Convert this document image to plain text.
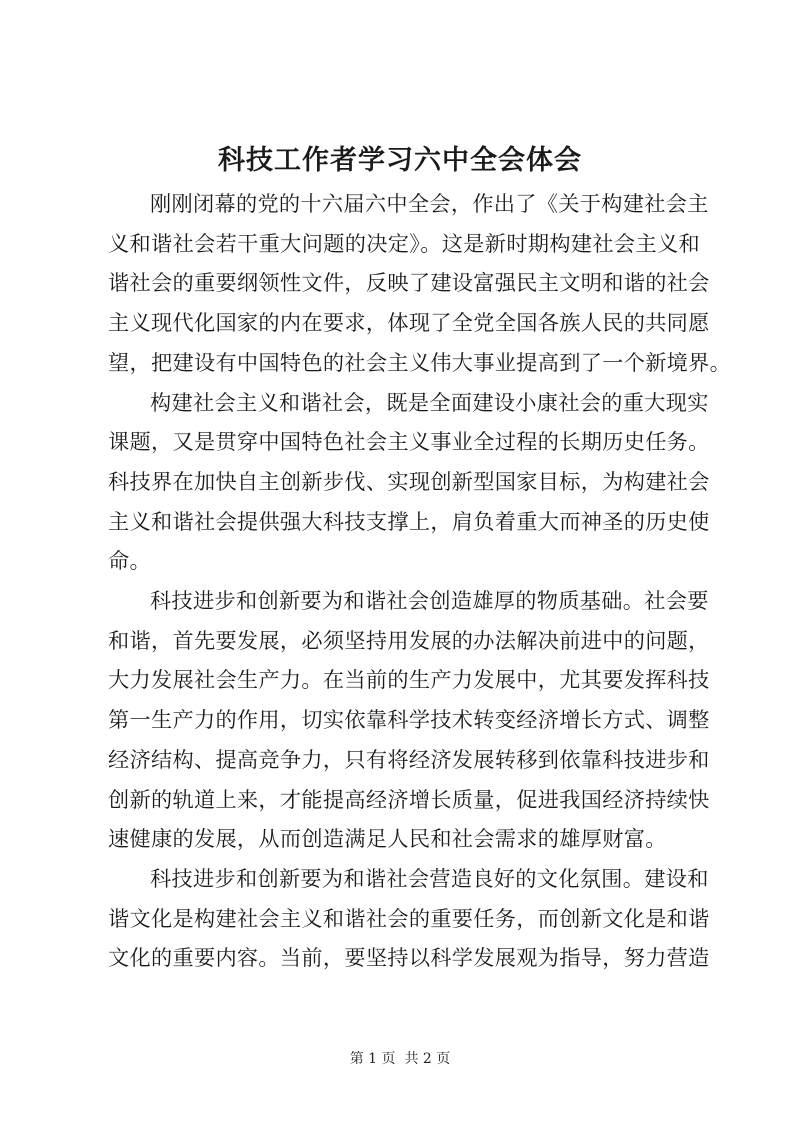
科技工作者学习六中全会体会
刚刚闭幕的党的十六届六中全会，作出了《关于构建社会主
义和谐社会若干重大问题的决定》。这是新时期构建社会主义和
谐社会的重要纲领性文件，反映了建设富强民主文明和谐的社会
主义现代化国家的内在要求，体现了全党全国各族人民的共同愿
望，把建设有中国特色的社会主义伟大事业提高到了一个新境界。
构建社会主义和谐社会，既是全面建设小康社会的重大现实
课题，又是贯穿中国特色社会主义事业全过程的长期历史任务。
科技界在加快自主创新步伐、实现创新型国家目标，为构建社会
主义和谐社会提供强大科技支撑上，肩负着重大而神圣的历史使
命。
科技进步和创新要为和谐社会创造雄厚的物质基础。社会要
和谐，首先要发展，必须坚持用发展的办法解决前进中的问题，
大力发展社会生产力。在当前的生产力发展中，尤其要发挥科技
第一生产力的作用，切实依靠科学技术转变经济增长方式、调整
经济结构、提高竞争力，只有将经济发展转移到依靠科技进步和
创新的轨道上来，才能提高经济增长质量，促进我国经济持续快
速健康的发展，从而创造满足人民和社会需求的雄厚财富。
科技进步和创新要为和谐社会营造良好的文化氛围。建设和
谐文化是构建社会主义和谐社会的重要任务，而创新文化是和谐
文化的重要内容。当前，要坚持以科学发展观为指导，努力营造
第 1 页  共 2 页
